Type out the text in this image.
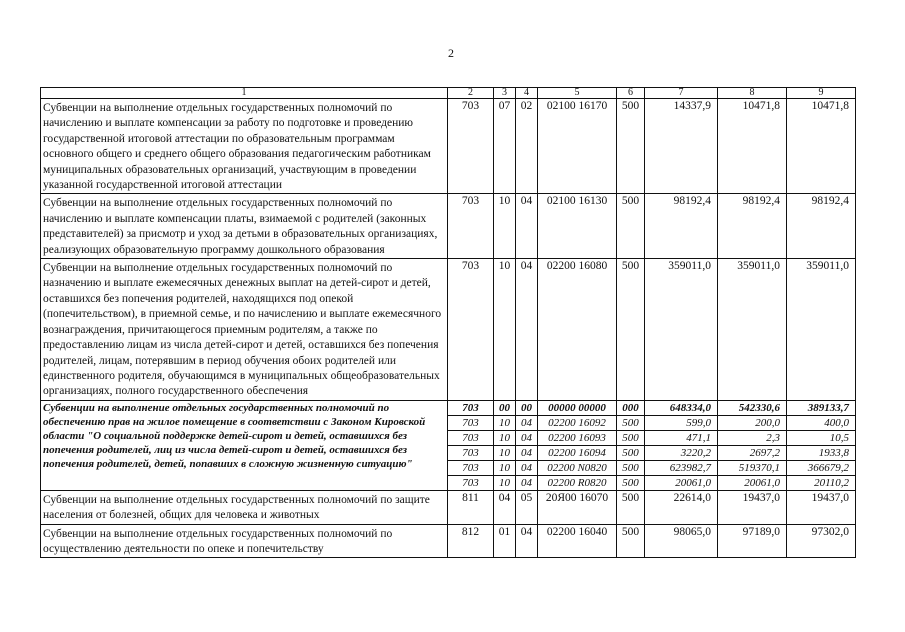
2
1	2	3	4	5	6	7	8	9
Субвенции на выполнение отдельных государственных полномочий по начислению и выплате компенсации за работу по подготовке и проведению государственной итоговой аттестации по образовательным программам основного общего и среднего общего образования педагогическим работникам муниципальных образовательных организаций, участвующим в проведении указанной государственной итоговой аттестации	703	07	02	02100 16170	500	14337,9	10471,8	10471,8
Субвенции на выполнение отдельных государственных полномочий по начислению и выплате компенсации платы, взимаемой с родителей (законных представителей) за присмотр и уход за детьми в образовательных организациях, реализующих образовательную программу дошкольного образования	703	10	04	02100 16130	500	98192,4	98192,4	98192,4
Субвенции на выполнение отдельных государственных полномочий по назначению и выплате ежемесячных денежных выплат на детей-сирот и детей, оставшихся без попечения родителей, находящихся под опекой (попечительством), в приемной семье, и по начислению и выплате ежемесячного вознаграждения, причитающегося приемным родителям, а также по предоставлению лицам из числа детей-сирот и детей, оставшихся без попечения родителей, лицам, потерявшим в период обучения обоих родителей или единственного родителя, обучающимся в муниципальных общеобразовательных организациях, полного государственного обеспечения	703	10	04	02200 16080	500	359011,0	359011,0	359011,0
Субвенции на выполнение отдельных государственных полномочий по обеспечению прав на жилое помещение в соответствии с Законом Кировской области "О социальной поддержке детей-сирот и детей, оставшихся без попечения родителей, лиц из числа детей-сирот и детей, оставшихся без попечения родителей, детей, попавших в сложную жизненную ситуацию"	703	00	00	00000 00000	000	648334,0	542330,6	389133,7
	703	10	04	02200 16092	500	599,0	200,0	400,0
	703	10	04	02200 16093	500	471,1	2,3	10,5
	703	10	04	02200 16094	500	3220,2	2697,2	1933,8
	703	10	04	02200 N0820	500	623982,7	519370,1	366679,2
	703	10	04	02200 R0820	500	20061,0	20061,0	20110,2
Субвенции на выполнение отдельных государственных полномочий по защите населения от болезней, общих для человека и животных	811	04	05	20Я00 16070	500	22614,0	19437,0	19437,0
Субвенции на выполнение отдельных государственных полномочий по осуществлению деятельности по опеке и попечительству	812	01	04	02200 16040	500	98065,0	97189,0	97302,0
